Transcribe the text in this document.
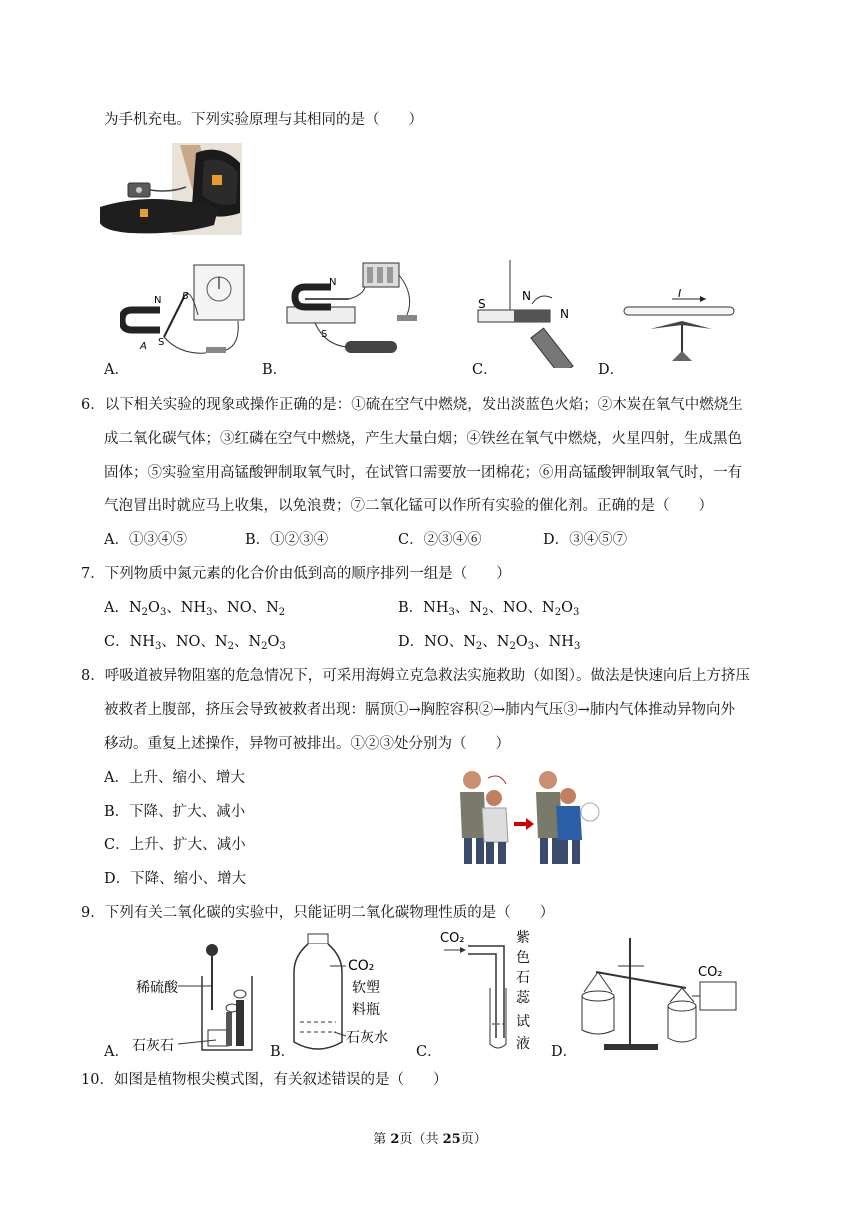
为手机充电。下列实验原理与其相同的是（　　）
N B
A S
A．
N
S
B．
S
N
N
C．
I
D．
6．以下相关实验的现象或操作正确的是：①硫在空气中燃烧，发出淡蓝色火焰；②木炭在氧气中燃烧生
成二氧化碳气体；③红磷在空气中燃烧，产生大量白烟；④铁丝在氧气中燃烧，火星四射，生成黑色
固体；⑤实验室用高锰酸钾制取氧气时，在试管口需要放一团棉花；⑥用高锰酸钾制取氧气时，一有
气泡冒出时就应马上收集，以免浪费；⑦二氧化锰可以作所有实验的催化剂。正确的是（　　）
A．①③④⑤	B．①②③④	C．②③④⑥	D．③④⑤⑦
7．下列物质中氮元素的化合价由低到高的顺序排列一组是（　　）
A．$N_2O_3$、$NH_3$、NO、$N_2$	B．$NH_3$、$N_2$、NO、$N_2O_3$
C．$NH_3$、NO、$N_2$、$N_2O_3$	D．NO、$N_2$、$N_2O_3$、$NH_3$
8．呼吸道被异物阻塞的危急情况下，可采用海姆立克急救法实施救助（如图）。做法是快速向后上方挤压
被救者上腹部，挤压会导致被救者出现：膈顶①→胸腔容积②→肺内气压③→肺内气体推动异物向外
移动。重复上述操作，异物可被排出。①②③处分别为（　　）
A．上升、缩小、增大
B．下降、扩大、减小
C．上升、扩大、减小
D．下降、缩小、增大
9．下列有关二氧化碳的实验中，只能证明二氧化碳物理性质的是（　　）
稀硫酸
石灰石
A．
CO₂
软塑
料瓶
石灰水
B．
CO₂	紫
色
石
蕊
试
液
C．
CO₂
D．
10．如图是植物根尖模式图，有关叙述错误的是（　　）
第 2页（共 25页）
